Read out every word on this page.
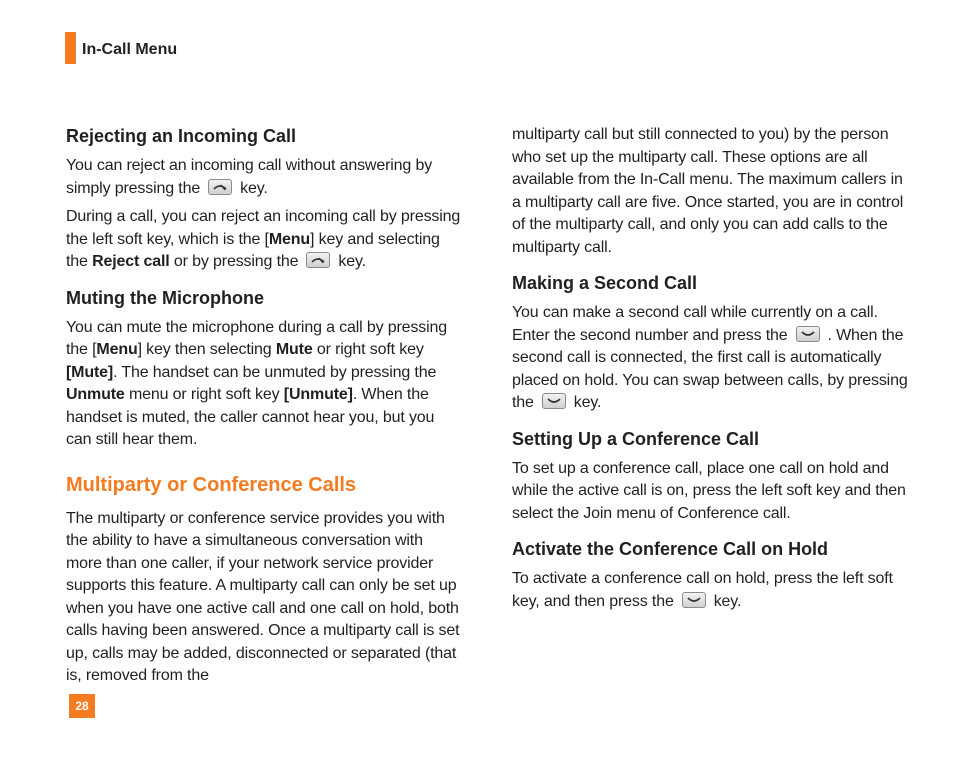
In-Call Menu
Rejecting an Incoming Call

You can reject an incoming call without answering by simply pressing the	key.

During a call, you can reject an incoming call by pressing the left soft key, which is the [Menu] key and selecting the Reject call or by pressing the	key.

Muting the Microphone

You can mute the microphone during a call by pressing the [Menu] key then selecting Mute or right soft key [Mute]. The handset can be unmuted by pressing the Unmute menu or right soft key [Unmute]. When the handset is muted, the caller cannot hear you, but you can still hear them.

Multiparty or Conference Calls

The multiparty or conference service provides you with the ability to have a simultaneous conversation with more than one caller, if your network service provider supports this feature. A multiparty call can only be set up when you have one active call and one call on hold, both calls having been answered. Once a multiparty call is set up, calls may be added, disconnected or separated (that is, removed from the

multiparty call but still connected to you) by the person who set up the multiparty call. These options are all available from the In-Call menu. The maximum callers in a multiparty call are five. Once started, you are in control of the multiparty call, and only you can add calls to the multiparty call.

Making a Second Call

You can make a second call while currently on a call. Enter the second number and press the	. When the second call is connected, the first call is automatically placed on hold. You can swap between calls, by pressing the	key.

Setting Up a Conference Call

To set up a conference call, place one call on hold and while the active call is on, press the left soft key and then select the Join menu of Conference call.

Activate the Conference Call on Hold

To activate a conference call on hold, press the left soft key, and then press the	key.

28
